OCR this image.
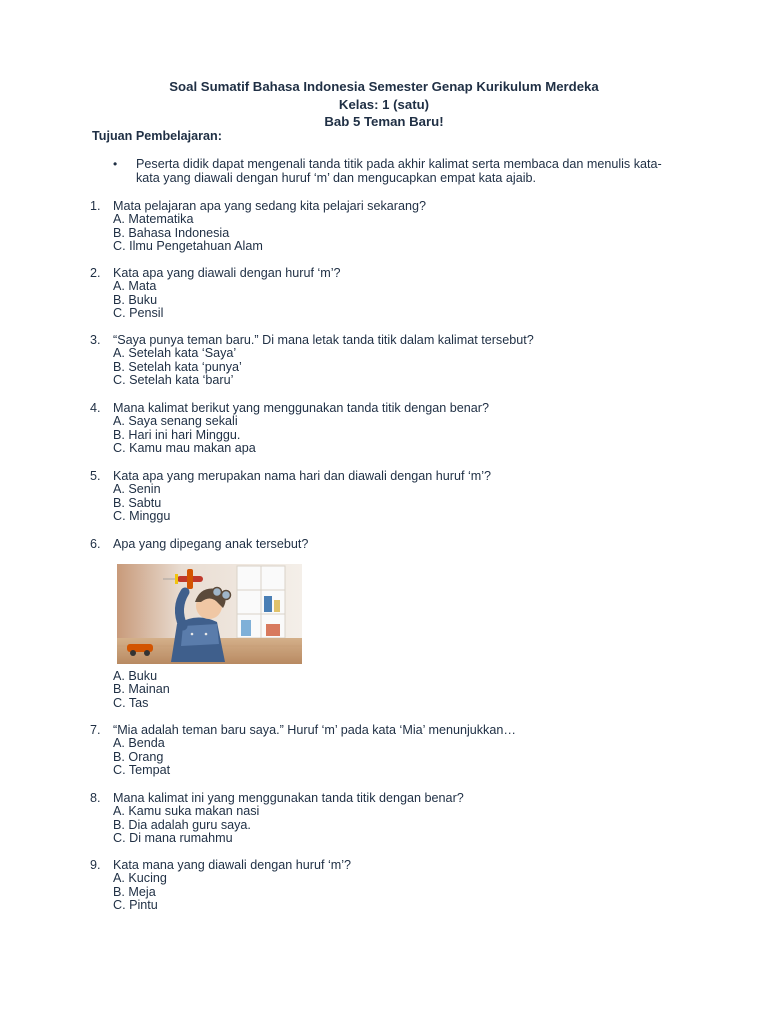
Soal Sumatif Bahasa Indonesia Semester Genap Kurikulum Merdeka
Kelas: 1 (satu)
Bab 5 Teman Baru!
Tujuan Pembelajaran:
• Peserta didik dapat mengenali tanda titik pada akhir kalimat serta membaca dan menulis kata-kata yang diawali dengan huruf ‘m’ dan mengucapkan empat kata ajaib.
1. Mata pelajaran apa yang sedang kita pelajari sekarang?
A. Matematika
B. Bahasa Indonesia
C. Ilmu Pengetahuan Alam
2. Kata apa yang diawali dengan huruf ‘m’?
A. Mata
B. Buku
C. Pensil
3. “Saya punya teman baru.” Di mana letak tanda titik dalam kalimat tersebut?
A. Setelah kata ‘Saya’
B. Setelah kata ‘punya’
C. Setelah kata ‘baru’
4. Mana kalimat berikut yang menggunakan tanda titik dengan benar?
A. Saya senang sekali
B. Hari ini hari Minggu.
C. Kamu mau makan apa
5. Kata apa yang merupakan nama hari dan diawali dengan huruf ‘m’?
A. Senin
B. Sabtu
C. Minggu
6. Apa yang dipegang anak tersebut?
A. Buku
B. Mainan
C. Tas
7. “Mia adalah teman baru saya.” Huruf ‘m’ pada kata ‘Mia’ menunjukkan…
A. Benda
B. Orang
C. Tempat
8. Mana kalimat ini yang menggunakan tanda titik dengan benar?
A. Kamu suka makan nasi
B. Dia adalah guru saya.
C. Di mana rumahmu
9. Kata mana yang diawali dengan huruf ‘m’?
A. Kucing
B. Meja
C. Pintu
